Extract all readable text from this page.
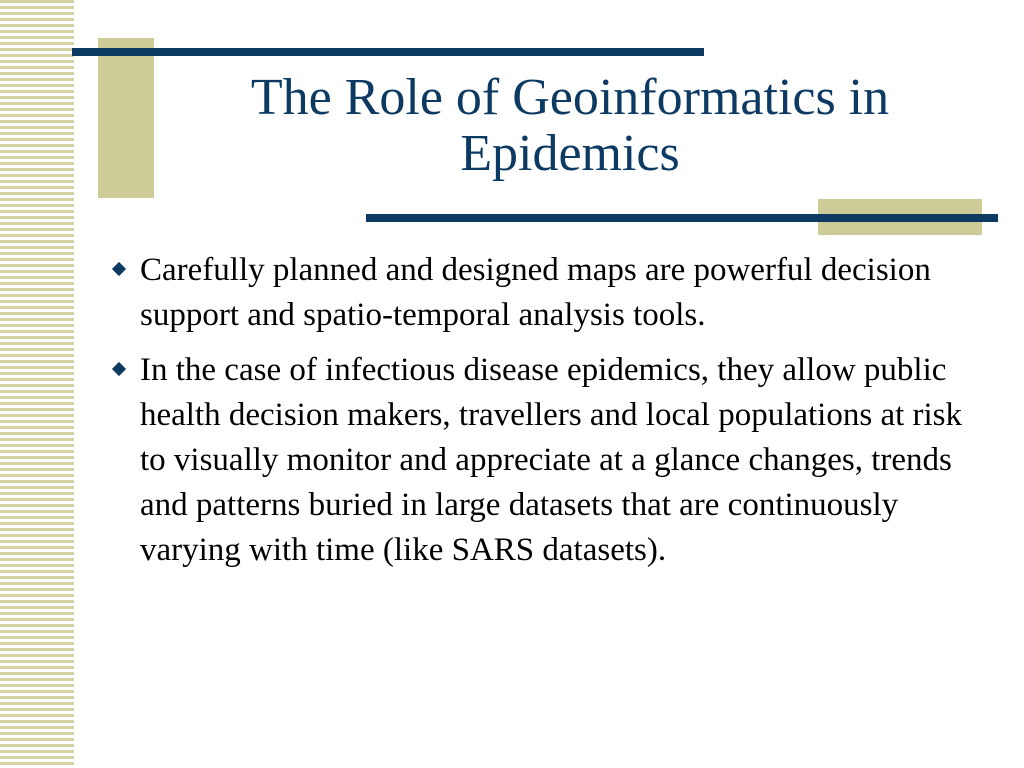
The Role of Geoinformatics in Epidemics
Carefully planned and designed maps are powerful decision support and spatio-temporal analysis tools.
In the case of infectious disease epidemics, they allow public health decision makers, travellers and local populations at risk to visually monitor and appreciate at a glance changes, trends and patterns buried in large datasets that are continuously varying with time (like SARS datasets).
